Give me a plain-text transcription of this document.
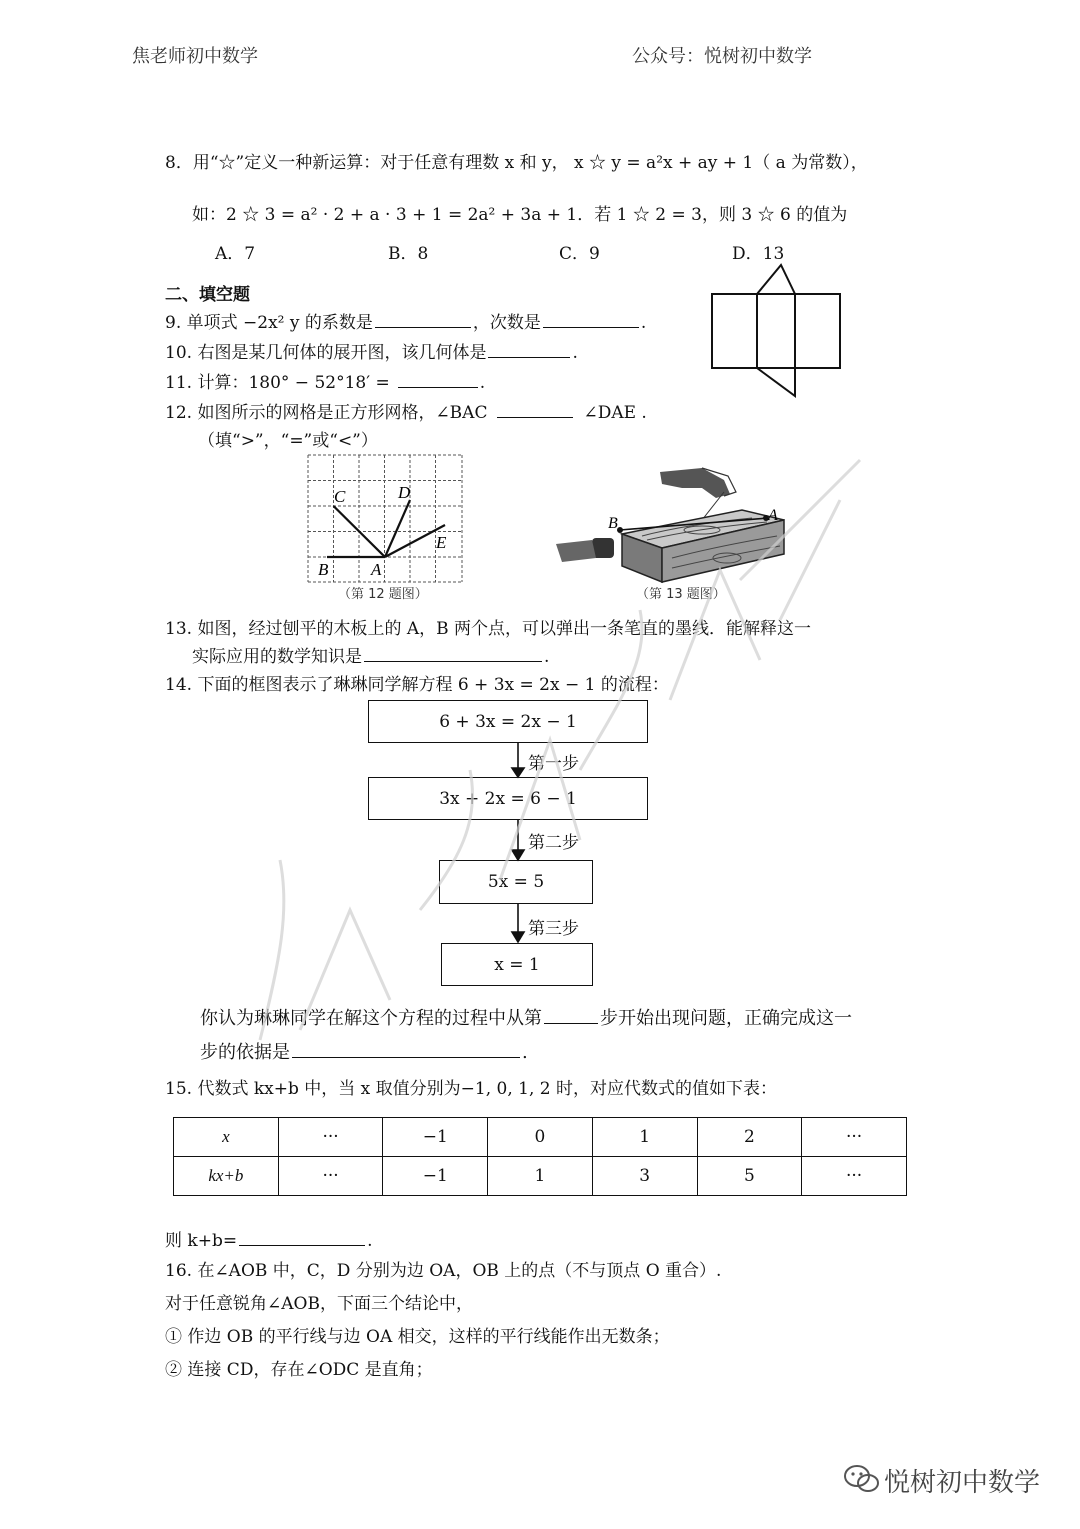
焦老师初中数学	公众号：悦树初中数学
8．用“☆”定义一种新运算：对于任意有理数 x 和 y， x ☆ y = a²x + ay + 1（ a 为常数），
如：2 ☆ 3 = a² · 2 + a · 3 + 1 = 2a² + 3a + 1．若 1 ☆ 2 = 3，则 3 ☆ 6 的值为
A．7	B．8	C．9	D．13
二、填空题
9. 单项式 −2x² y 的系数是	，次数是	.
10. 右图是某几何体的展开图，该几何体是	.
11. 计算：180° − 52°18′ =	.
12. 如图所示的网格是正方形网格，∠BAC	∠DAE .
（填“>”，“=”或“<”）
C	D
E
B	A
（第 12 题图）
B	A
（第 13 题图）
13. 如图，经过刨平的木板上的 A，B 两个点，可以弹出一条笔直的墨线．能解释这一
实际应用的数学知识是	.
14. 下面的框图表示了琳琳同学解方程 6 + 3x = 2x − 1 的流程：
6 + 3x = 2x − 1
3x + 2x = 6 − 1
5x = 5
x = 1
第一步
第二步
第三步
你认为琳琳同学在解这个方程的过程中从第	步开始出现问题，正确完成这一
步的依据是	.
15. 代数式 kx+b 中，当 x 取值分别为−1, 0, 1, 2 时，对应代数式的值如下表：
x	···	−1	0	1	2	···
kx+b	···	−1	1	3	5	···
则 k+b=	.
16. 在∠AOB 中，C，D 分别为边 OA，OB 上的点（不与顶点 O 重合）.
对于任意锐角∠AOB，下面三个结论中，
① 作边 OB 的平行线与边 OA 相交，这样的平行线能作出无数条；
② 连接 CD，存在∠ODC 是直角；
悦树初中数学
